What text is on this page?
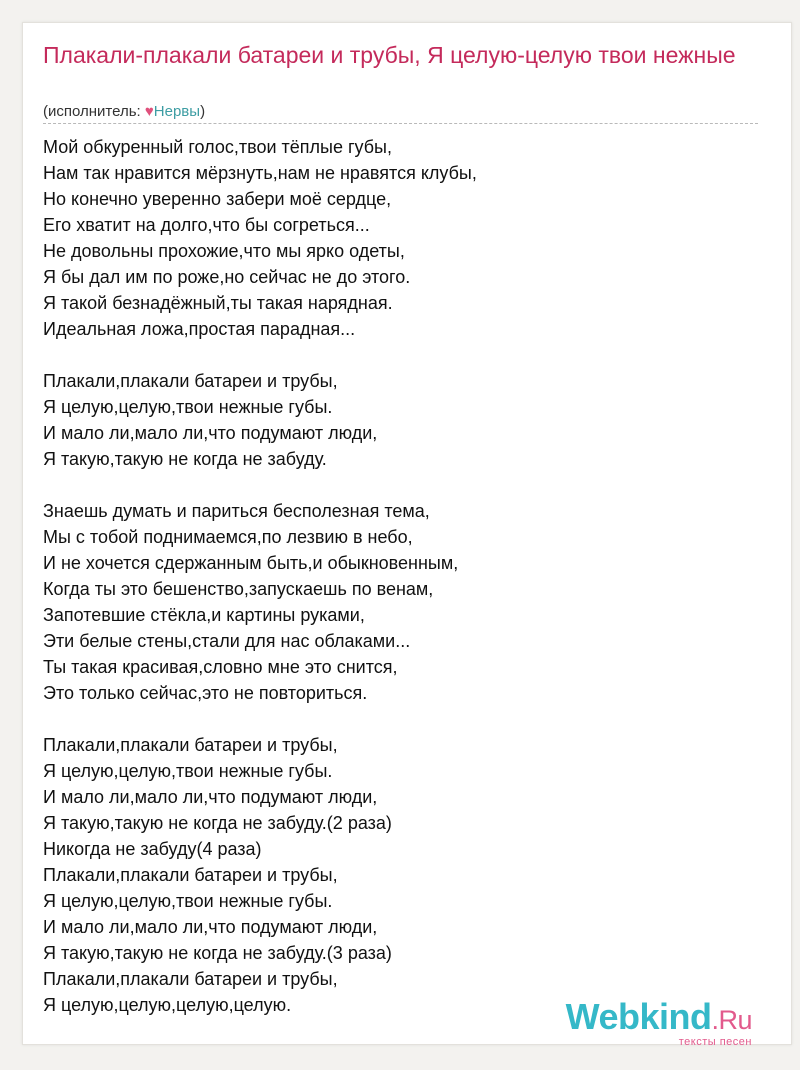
Плакали-плакали батареи и трубы, Я целую-целую твои нежные
(исполнитель: ♥Нервы)
Мой обкуренный голос,твои тёплые губы,
Нам так нравится мёрзнуть,нам не нравятся клубы,
Но конечно уверенно забери моё сердце,
Его хватит на долго,что бы согреться...
Не довольны прохожие,что мы ярко одеты,
Я бы дал им по роже,но сейчас не до этого.
Я такой безнадёжный,ты такая нарядная.
Идеальная ложа,простая парадная...
Плакали,плакали батареи и трубы,
Я целую,целую,твои нежные губы.
И мало ли,мало ли,что подумают люди,
Я такую,такую не когда не забуду.
Знаешь думать и париться бесполезная тема,
Мы с тобой поднимаемся,по лезвию в небо,
И не хочется сдержанным быть,и обыкновенным,
Когда ты это бешенство,запускаешь по венам,
Запотевшие стёкла,и картины руками,
Эти белые стены,стали для нас облаками...
Ты такая красивая,словно мне это снится,
Это только сейчас,это не повториться.
Плакали,плакали батареи и трубы,
Я целую,целую,твои нежные губы.
И мало ли,мало ли,что подумают люди,
Я такую,такую не когда не забуду.(2 раза)
Никогда не забуду(4 раза)
Плакали,плакали батареи и трубы,
Я целую,целую,твои нежные губы.
И мало ли,мало ли,что подумают люди,
Я такую,такую не когда не забуду.(3 раза)
Плакали,плакали батареи и трубы,
Я целую,целую,целую,целую.	Webkind.Ru
тексты песен
